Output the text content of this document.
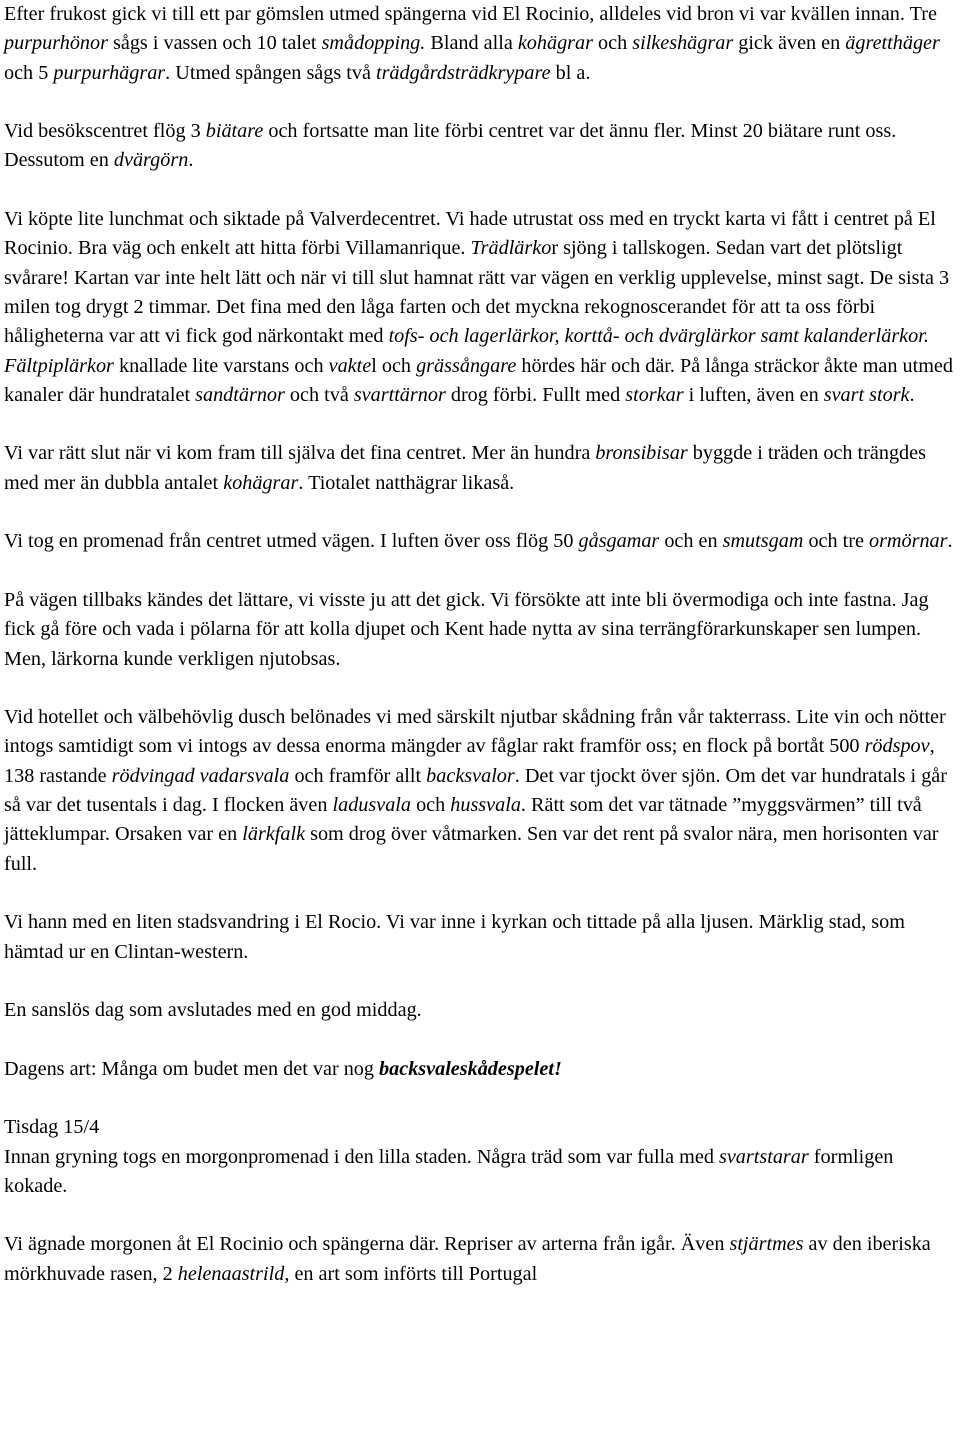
Efter frukost gick vi till ett par gömslen utmed spängerna vid El Rocinio, alldeles vid bron vi var kvällen innan. Tre purpurhönor sågs i vassen och 10 talet smådopping. Bland alla kohägrar och silkeshägrar gick även en ägretthäger och 5 purpurhägrar. Utmed spången sågs två trädgårdsträdkrypare bl a.

Vid besökscentret flög 3 biätare och fortsatte man lite förbi centret var det ännu fler. Minst 20 biätare runt oss. Dessutom en dvärgörn.

Vi köpte lite lunchmat och siktade på Valverdecentret. Vi hade utrustat oss med en tryckt karta vi fått i centret på El Rocinio. Bra väg och enkelt att hitta förbi Villamanrique. Trädlärkor sjöng i tallskogen. Sedan vart det plötsligt svårare! Kartan var inte helt lätt och när vi till slut hamnat rätt var vägen en verklig upplevelse, minst sagt. De sista 3 milen tog drygt 2 timmar. Det fina med den låga farten och det myckna rekognoscerandet för att ta oss förbi håligheterna var att vi fick god närkontakt med tofs- och lagerlärkor, korttå- och dvärglärkor samt kalanderlärkor. Fältpiplärkor knallade lite varstans och vaktel och grässångare hördes här och där. På långa sträckor åkte man utmed kanaler där hundratalet sandtärnor och två svarttärnor drog förbi. Fullt med storkar i luften, även en svart stork.

Vi var rätt slut när vi kom fram till själva det fina centret. Mer än hundra bronsibisar byggde i träden och trängdes med mer än dubbla antalet kohägrar. Tiotalet natthägrar likaså.

Vi tog en promenad från centret utmed vägen. I luften över oss flög 50 gåsgamar och en smutsgam och tre ormörnar.

På vägen tillbaks kändes det lättare, vi visste ju att det gick. Vi försökte att inte bli övermodiga och inte fastna. Jag fick gå före och vada i pölarna för att kolla djupet och Kent hade nytta av sina terrängförarkunskaper sen lumpen. Men, lärkorna kunde verkligen njutobsas.

Vid hotellet och välbehövlig dusch belönades vi med särskilt njutbar skådning från vår takterrass. Lite vin och nötter intogs samtidigt som vi intogs av dessa enorma mängder av fåglar rakt framför oss; en flock på bortåt 500 rödspov, 138 rastande rödvingad vadarsvala och framför allt backsvalor. Det var tjockt över sjön. Om det var hundratals i går så var det tusentals i dag. I flocken även ladusvala och hussvala. Rätt som det var tätnade ”myggsvärmen” till två jätteklumpar. Orsaken var en lärkfalk som drog över våtmarken. Sen var det rent på svalor nära, men horisonten var full.

Vi hann med en liten stadsvandring i El Rocio. Vi var inne i kyrkan och tittade på alla ljusen. Märklig stad, som hämtad ur en Clintan-western.

En sanslös dag som avslutades med en god middag.

Dagens art: Många om budet men det var nog backsvaleskådespelet!

Tisdag 15/4

Innan gryning togs en morgonpromenad i den lilla staden. Några träd som var fulla med svartstarar formligen kokade.

Vi ägnade morgonen åt El Rocinio och spängerna där. Repriser av arterna från igår. Även stjärtmes av den iberiska mörkhuvade rasen, 2 helenaastrild, en art som införts till Portugal
